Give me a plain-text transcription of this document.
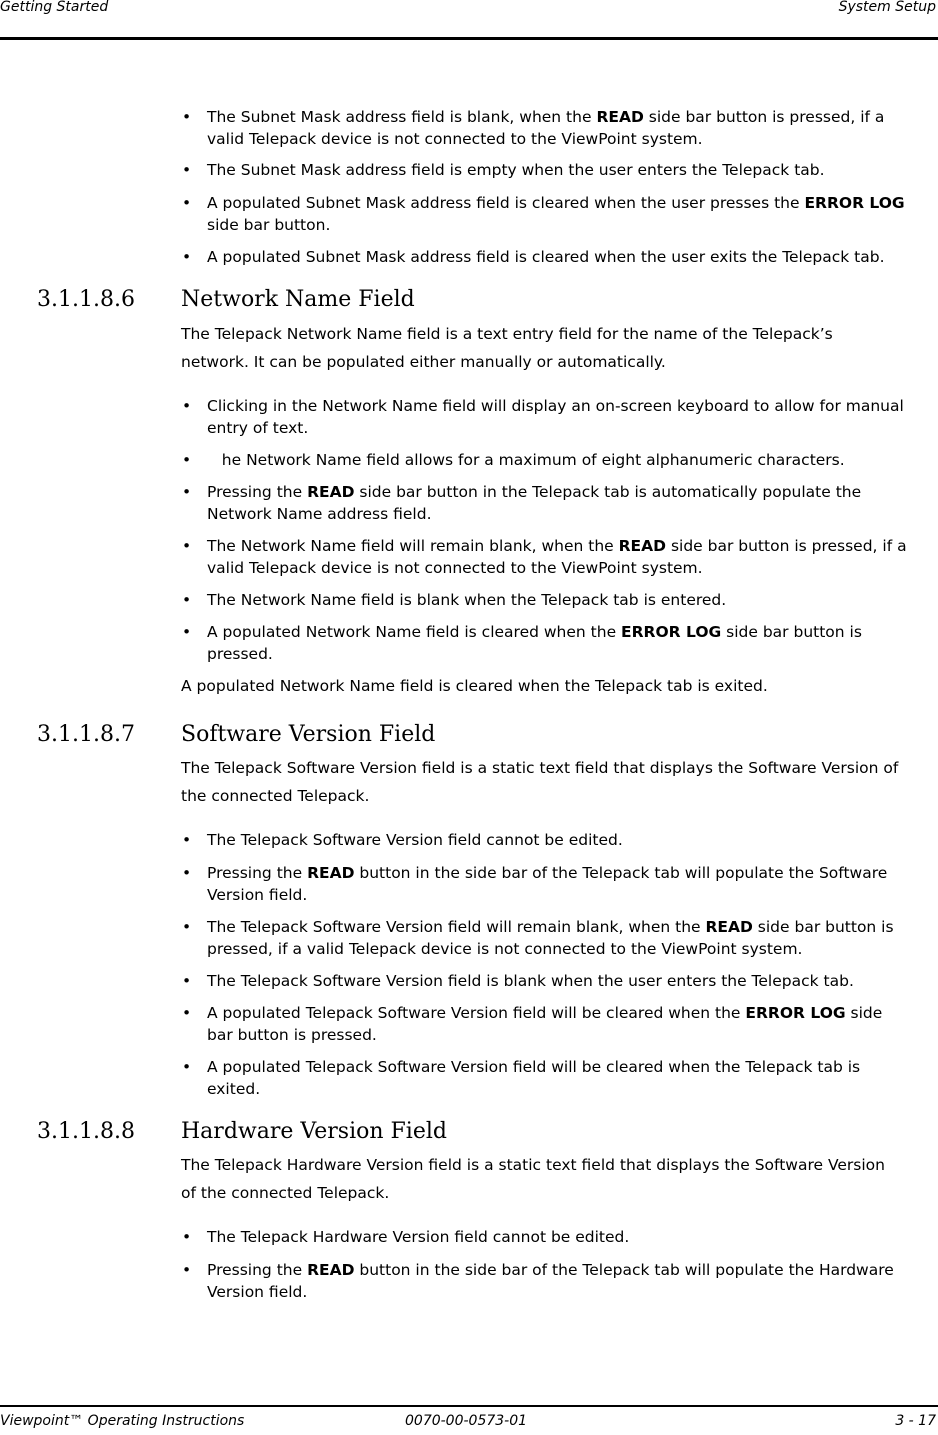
Getting Started	System Setup
• The Subnet Mask address field is blank, when the READ side bar button is pressed, if a valid Telepack device is not connected to the ViewPoint system.
• The Subnet Mask address field is empty when the user enters the Telepack tab.
• A populated Subnet Mask address field is cleared when the user presses the ERROR LOG side bar button.
• A populated Subnet Mask address field is cleared when the user exits the Telepack tab.
3.1.1.8.6 Network Name Field
The Telepack Network Name field is a text entry field for the name of the Telepack’s network. It can be populated either manually or automatically.
• Clicking in the Network Name field will display an on-screen keyboard to allow for manual entry of text.
• he Network Name field allows for a maximum of eight alphanumeric characters.
• Pressing the READ side bar button in the Telepack tab is automatically populate the Network Name address field.
• The Network Name field will remain blank, when the READ side bar button is pressed, if a valid Telepack device is not connected to the ViewPoint system.
• The Network Name field is blank when the Telepack tab is entered.
• A populated Network Name field is cleared when the ERROR LOG side bar button is pressed.
A populated Network Name field is cleared when the Telepack tab is exited.
3.1.1.8.7 Software Version Field
The Telepack Software Version field is a static text field that displays the Software Version of the connected Telepack.
• The Telepack Software Version field cannot be edited.
• Pressing the READ button in the side bar of the Telepack tab will populate the Software Version field.
• The Telepack Software Version field will remain blank, when the READ side bar button is pressed, if a valid Telepack device is not connected to the ViewPoint system.
• The Telepack Software Version field is blank when the user enters the Telepack tab.
• A populated Telepack Software Version field will be cleared when the ERROR LOG side bar button is pressed.
• A populated Telepack Software Version field will be cleared when the Telepack tab is exited.
3.1.1.8.8 Hardware Version Field
The Telepack Hardware Version field is a static text field that displays the Software Version of the connected Telepack.
• The Telepack Hardware Version field cannot be edited.
• Pressing the READ button in the side bar of the Telepack tab will populate the Hardware Version field.
Viewpoint™ Operating Instructions	0070-00-0573-01	3 - 17
